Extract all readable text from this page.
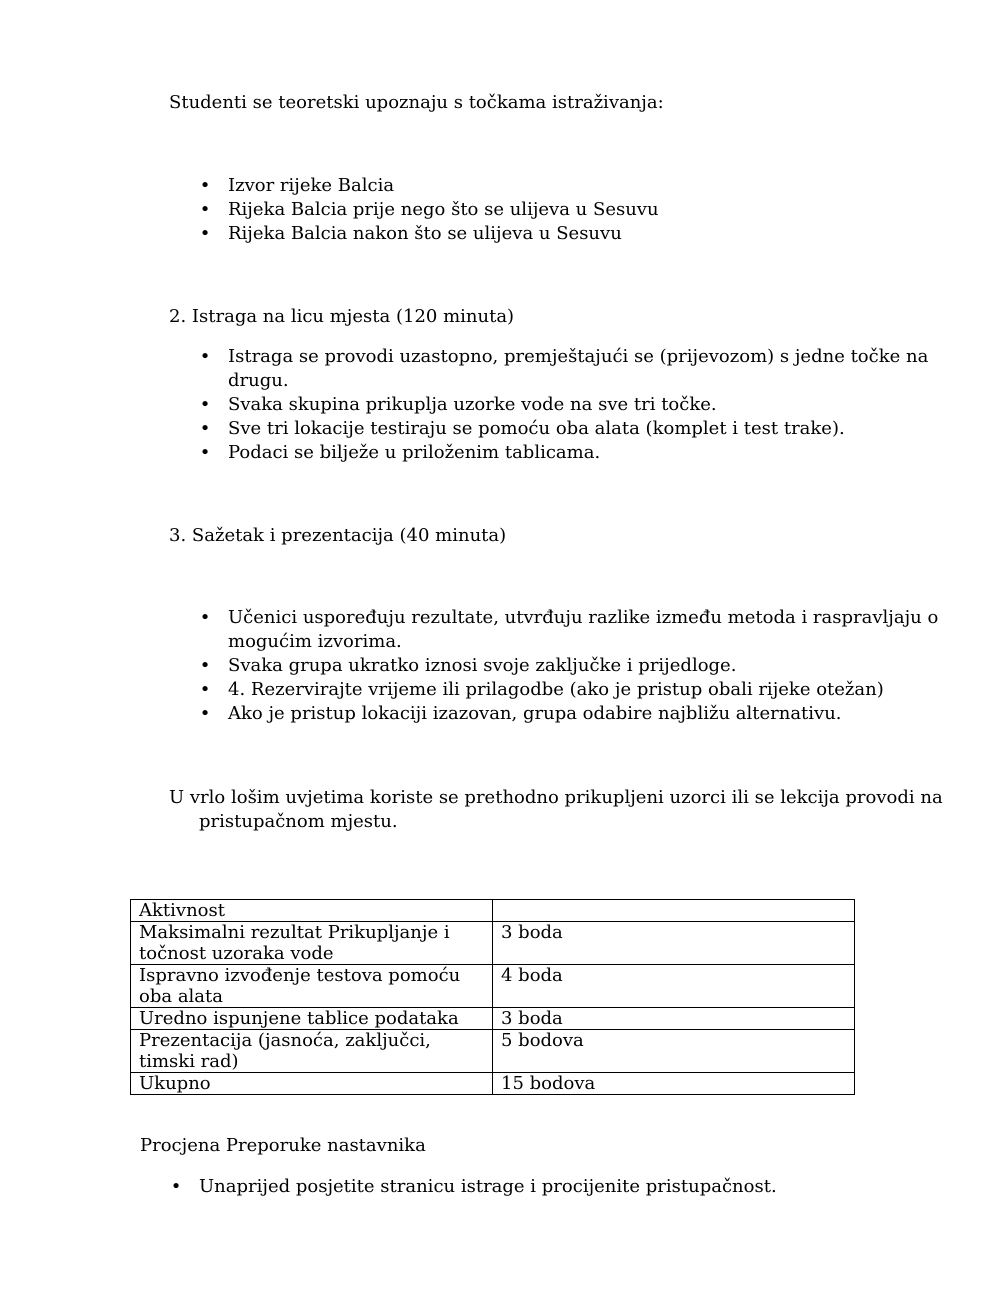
Studenti se teoretski upoznaju s točkama istraživanja:

• Izvor rijeke Balcia
• Rijeka Balcia prije nego što se ulijeva u Sesuvu
• Rijeka Balcia nakon što se ulijeva u Sesuvu

2. Istraga na licu mjesta (120 minuta)

• Istraga se provodi uzastopno, premještajući se (prijevozom) s jedne točke na drugu.
• Svaka skupina prikuplja uzorke vode na sve tri točke.
• Sve tri lokacije testiraju se pomoću oba alata (komplet i test trake).
• Podaci se bilježe u priloženim tablicama.

3. Sažetak i prezentacija (40 minuta)

• Učenici uspoređuju rezultate, utvrđuju razlike između metoda i raspravljaju o mogućim izvorima.
• Svaka grupa ukratko iznosi svoje zaključke i prijedloge.
• 4. Rezervirajte vrijeme ili prilagodbe (ako je pristup obali rijeke otežan)
• Ako je pristup lokaciji izazovan, grupa odabire najbližu alternativu.

U vrlo lošim uvjetima koriste se prethodno prikupljeni uzorci ili se lekcija provodi na pristupačnom mjestu.

Aktivnost	
Maksimalni rezultat Prikupljanje i točnost uzoraka vode	3 boda
Ispravno izvođenje testova pomoću oba alata	4 boda
Uredno ispunjene tablice podataka	3 boda
Prezentacija (jasnoća, zaključci, timski rad)	5 bodova
Ukupno	15 bodova

Procjena Preporuke nastavnika

• Unaprijed posjetite stranicu istrage i procijenite pristupačnost.
